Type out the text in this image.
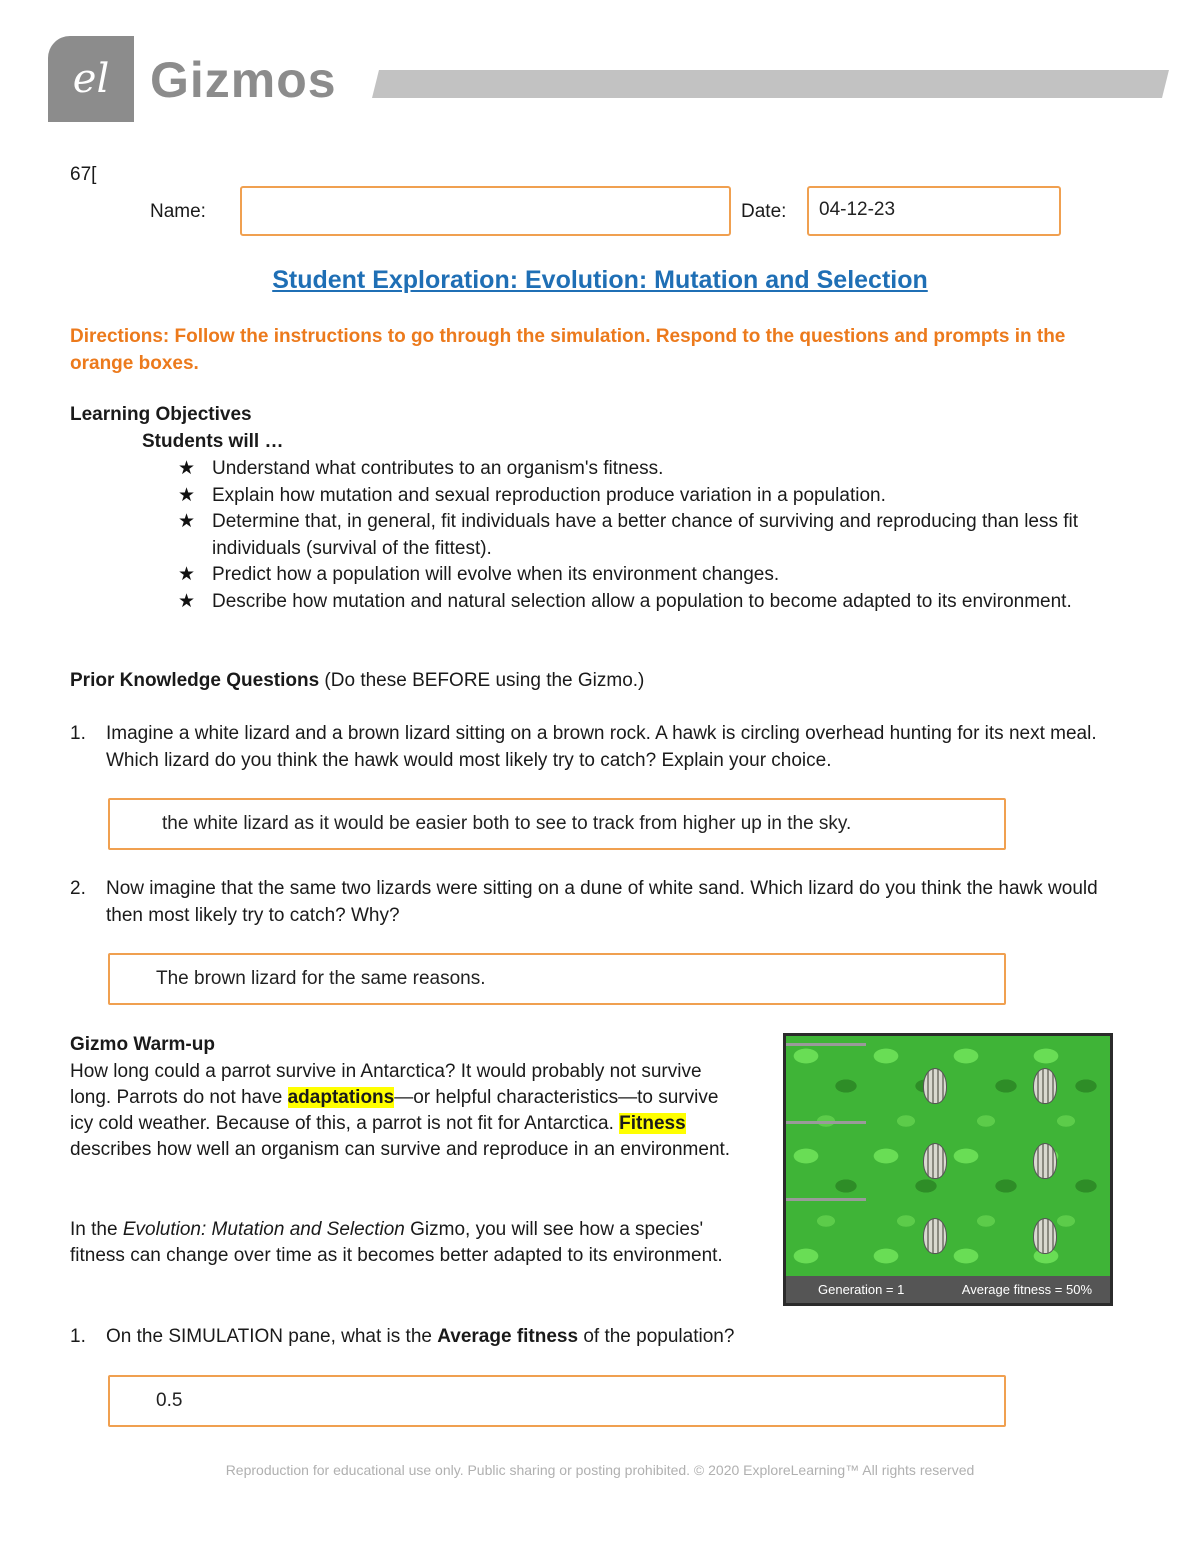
el Gizmos
67[
Name:	Date:	04-12-23
Student Exploration: Evolution: Mutation and Selection
Directions: Follow the instructions to go through the simulation. Respond to the questions and prompts in the orange boxes.
Learning Objectives
Students will …
★ Understand what contributes to an organism's fitness.
★ Explain how mutation and sexual reproduction produce variation in a population.
★ Determine that, in general, fit individuals have a better chance of surviving and reproducing than less fit individuals (survival of the fittest).
★ Predict how a population will evolve when its environment changes.
★ Describe how mutation and natural selection allow a population to become adapted to its environment.
Prior Knowledge Questions (Do these BEFORE using the Gizmo.)
1. Imagine a white lizard and a brown lizard sitting on a brown rock. A hawk is circling overhead hunting for its next meal. Which lizard do you think the hawk would most likely try to catch? Explain your choice.
the white lizard as it would be easier both to see to track from higher up in the sky.
2. Now imagine that the same two lizards were sitting on a dune of white sand. Which lizard do you think the hawk would then most likely try to catch? Why?
The brown lizard for the same reasons.
Gizmo Warm-up
How long could a parrot survive in Antarctica? It would probably not survive long. Parrots do not have adaptations—or helpful characteristics—to survive icy cold weather. Because of this, a parrot is not fit for Antarctica. Fitness describes how well an organism can survive and reproduce in an environment.
In the Evolution: Mutation and Selection Gizmo, you will see how a species' fitness can change over time as it becomes better adapted to its environment.
Generation = 1	Average fitness = 50%
1. On the SIMULATION pane, what is the Average fitness of the population?
0.5
Reproduction for educational use only. Public sharing or posting prohibited. © 2020 ExploreLearning™ All rights reserved
